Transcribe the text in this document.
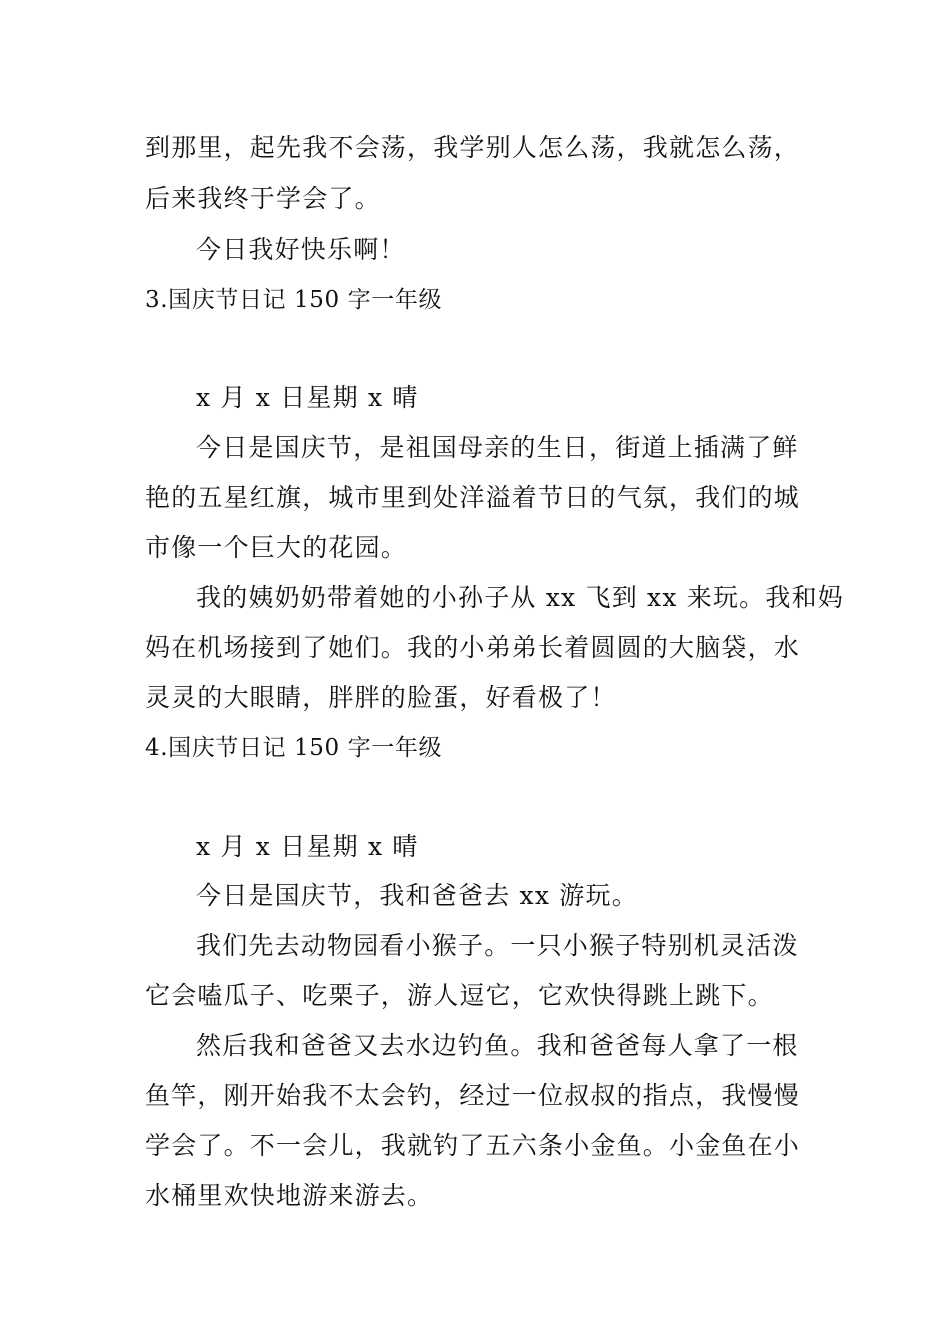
到那里，起先我不会荡，我学别人怎么荡，我就怎么荡，
后来我终于学会了。
今日我好快乐啊！
3.国庆节日记 150 字一年级
x 月 x 日星期 x 晴
今日是国庆节，是祖国母亲的生日，街道上插满了鲜
艳的五星红旗，城市里到处洋溢着节日的气氛，我们的城
市像一个巨大的花园。
我的姨奶奶带着她的小孙子从 xx 飞到 xx 来玩。我和妈
妈在机场接到了她们。我的小弟弟长着圆圆的大脑袋，水
灵灵的大眼睛，胖胖的脸蛋，好看极了！
4.国庆节日记 150 字一年级
x 月 x 日星期 x 晴
今日是国庆节，我和爸爸去 xx 游玩。
我们先去动物园看小猴子。一只小猴子特别机灵活泼
它会嗑瓜子、吃栗子，游人逗它，它欢快得跳上跳下。
然后我和爸爸又去水边钓鱼。我和爸爸每人拿了一根
鱼竿，刚开始我不太会钓，经过一位叔叔的指点，我慢慢
学会了。不一会儿，我就钓了五六条小金鱼。小金鱼在小
水桶里欢快地游来游去。
